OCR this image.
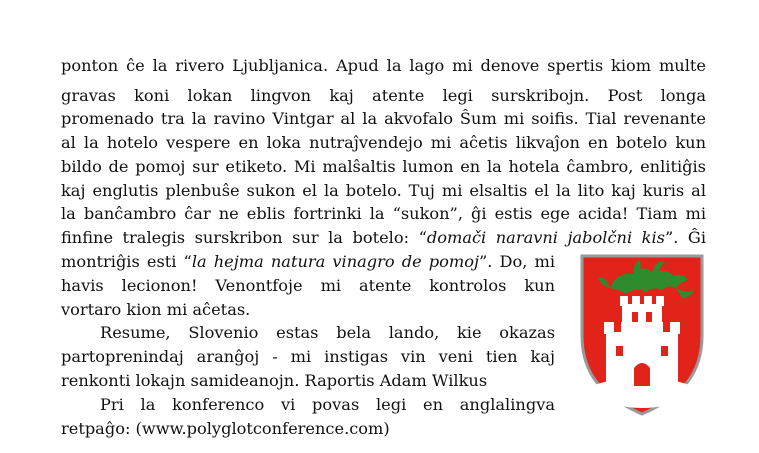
ponton ĉe la rivero Ljubljanica. Apud la lago mi denove spertis kiom multe
gravas koni lokan lingvon kaj atente legi surskribojn. Post longa
promenado tra la ravino Vintgar al la akvofalo Ŝum mi soifis. Tial revenante
al la hotelo vespere en loka nutraĵvendejo mi aĉetis likvaĵon en botelo kun
bildo de pomoj sur etiketo. Mi malŝaltis lumon en la hotela ĉambro, enlitiĝis
kaj englutis plenbuŝe sukon el la botelo. Tuj mi elsaltis el la lito kaj kuris al
la banĉambro ĉar ne eblis fortrinki la “sukon”, ĝi estis ege acida! Tiam mi
finfine tralegis surskribon sur la botelo: “domači naravni jabolčni kis”. Ĝi
montriĝis esti “la hejma natura vinagro de pomoj”. Do, mi
havis lecionon! Venontfoje mi atente kontrolos kun
vortaro kion mi aĉetas.
Resume, Slovenio estas bela lando, kie okazas
partoprenindaj aranĝoj - mi instigas vin veni tien kaj
renkonti lokajn samideanojn. Raportis Adam Wilkus
Pri la konferenco vi povas legi en anglalingva
retpaĝo: (www.polyglotconference.com)
